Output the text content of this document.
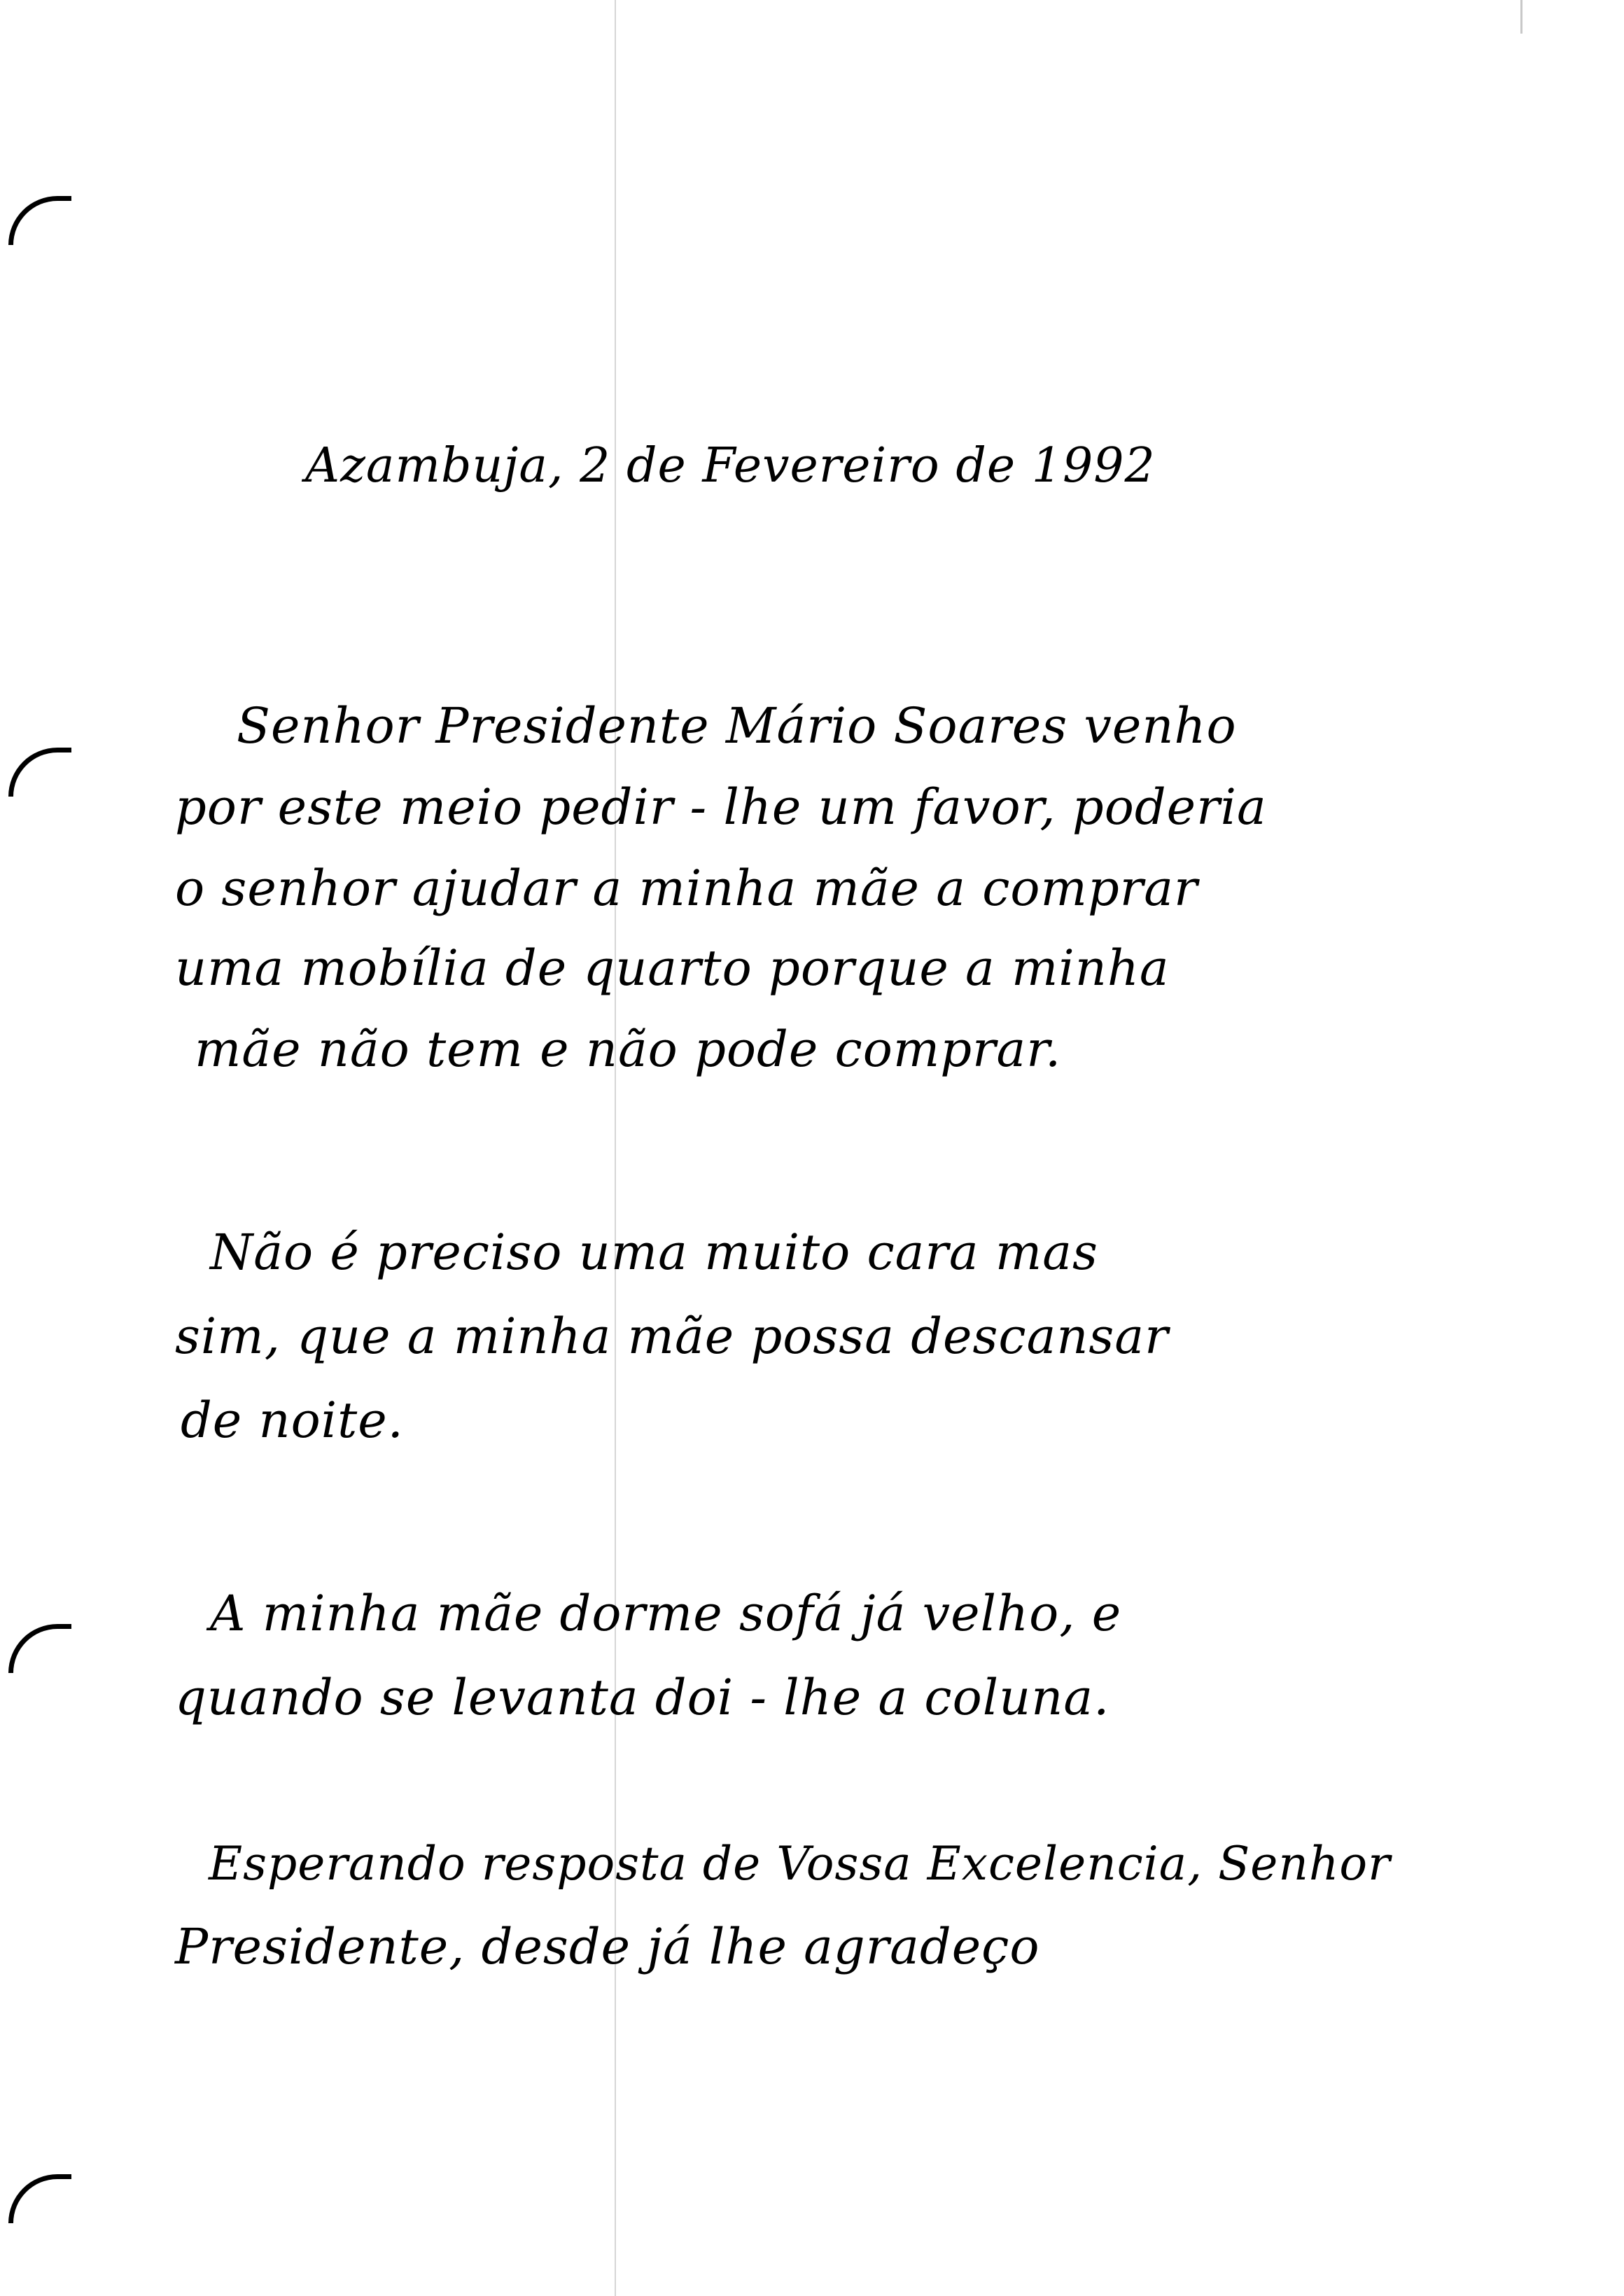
Azambuja, 2 de Fevereiro de 1992
Senhor Presidente Mário Soares venho
por este meio pedir - lhe um favor, poderia
o senhor ajudar a minha mãe a comprar
uma mobília de quarto porque a minha
mãe não tem e não pode comprar.
Não é preciso uma muito cara mas
sim, que a minha mãe possa descansar
de noite.
A minha mãe dorme sofá já velho, e
quando se levanta doi - lhe a coluna.
Esperando resposta de Vossa Excelencia, Senhor
Presidente, desde já lhe agradeço
